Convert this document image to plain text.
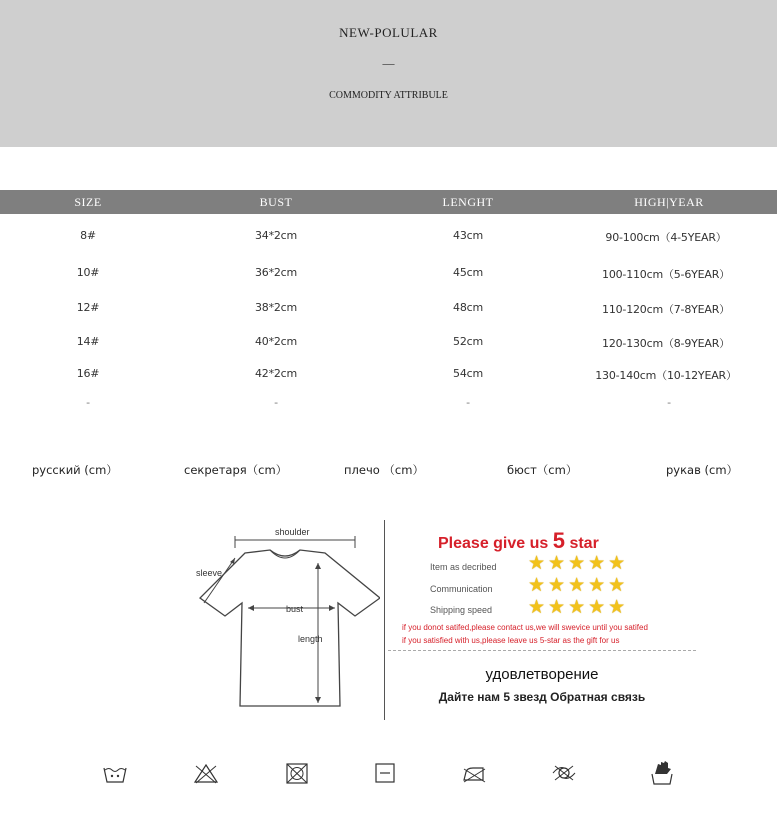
NEW-POLULAR
—
COMMODITY ATTRIBULE
SIZE	BUST	LENGHT	HIGH|YEAR
8#	34*2cm	43cm	90-100cm（4-5YEAR）
10#	36*2cm	45cm	100-110cm（5-6YEAR）
12#	38*2cm	48cm	110-120cm（7-8YEAR）
14#	40*2cm	52cm	120-130cm（8-9YEAR）
16#	42*2cm	54cm	130-140cm（10-12YEAR）
-	-	-	-
русский (cm）	секретаря（cm）	плечо （cm）	бюст（cm）	рукав (cm）
shoulder
sleeve
bust
length
Please give us 5 star
Item as decribed ★★★★★
Communication ★★★★★
Shipping speed ★★★★★
if you donot satifed,please contact us,we will swevice until you satifed
if you satisfied with us,please leave us 5-star as the gift for us
удовлетворение
Дайте нам 5 звезд Обратная связь
